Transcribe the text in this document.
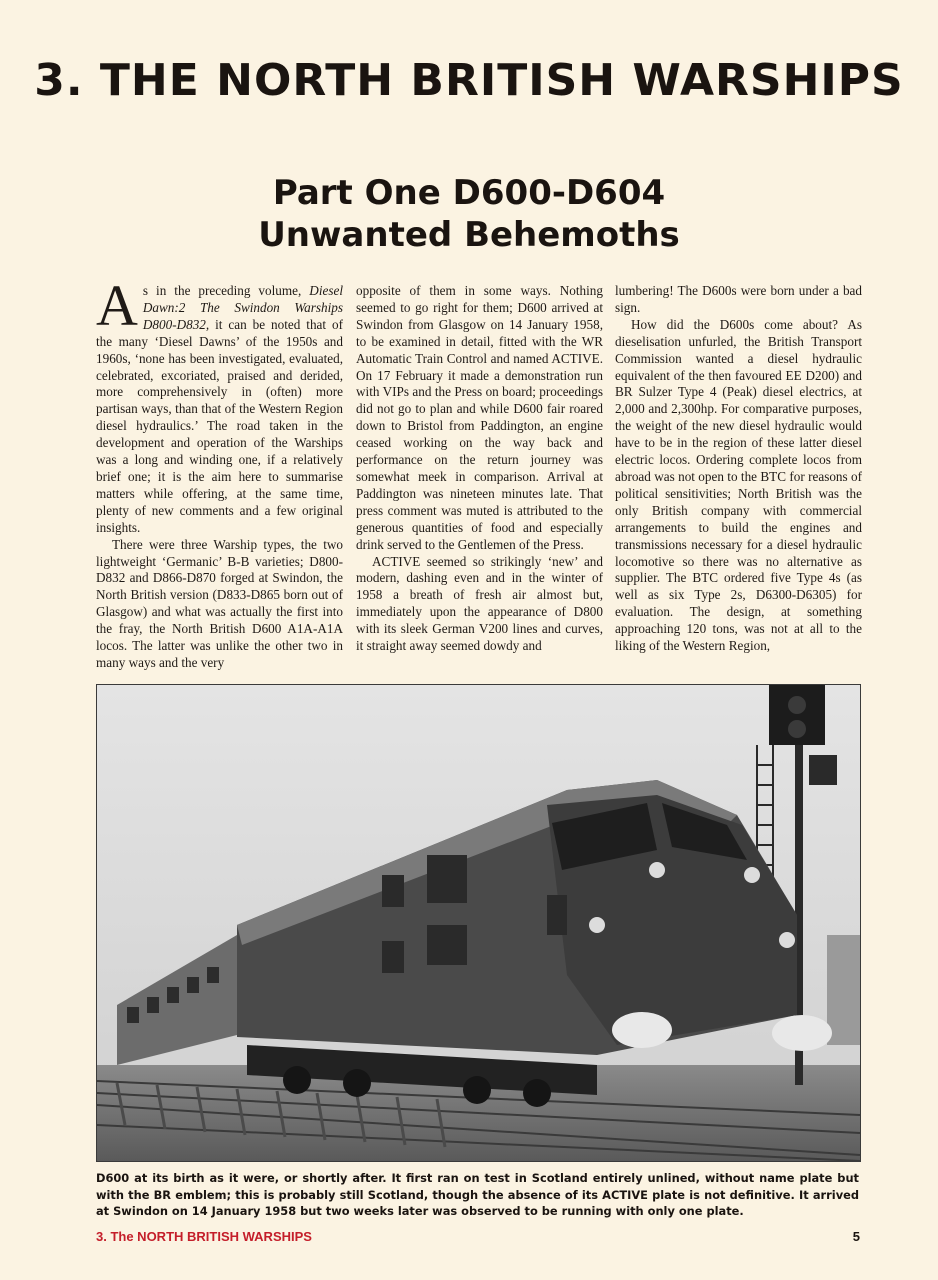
3. THE NORTH BRITISH WARSHIPS
Part One D600-D604
Unwanted Behemoths

As in the preceding volume, Diesel Dawn:2 The Swindon Warships D800-D832, it can be noted that of the many ‘Diesel Dawns’ of the 1950s and 1960s, ‘none has been investigated, evaluated, celebrated, excoriated, praised and derided, more comprehensively in (often) more partisan ways, than that of the Western Region diesel hydraulics.’ The road taken in the development and operation of the Warships was a long and winding one, if a relatively brief one; it is the aim here to summarise matters while offering, at the same time, plenty of new comments and a few original insights.

There were three Warship types, the two lightweight ‘Germanic’ B-B varieties; D800-D832 and D866-D870 forged at Swindon, the North British version (D833-D865 born out of Glasgow) and what was actually the first into the fray, the North British D600 A1A-A1A locos. The latter was unlike the other two in many ways and the very

opposite of them in some ways. Nothing seemed to go right for them; D600 arrived at Swindon from Glasgow on 14 January 1958, to be examined in detail, fitted with the WR Automatic Train Control and named ACTIVE. On 17 February it made a demonstration run with VIPs and the Press on board; proceedings did not go to plan and while D600 fair roared down to Bristol from Paddington, an engine ceased working on the way back and performance on the return journey was somewhat meek in comparison. Arrival at Paddington was nineteen minutes late. That press comment was muted is attributed to the generous quantities of food and especially drink served to the Gentlemen of the Press.

ACTIVE seemed so strikingly ‘new’ and modern, dashing even and in the winter of 1958 a breath of fresh air almost but, immediately upon the appearance of D800 with its sleek German V200 lines and curves, it straight away seemed dowdy and

lumbering! The D600s were born under a bad sign.

How did the D600s come about? As dieselisation unfurled, the British Transport Commission wanted a diesel hydraulic equivalent of the then favoured EE D200) and BR Sulzer Type 4 (Peak) diesel electrics, at 2,000 and 2,300hp. For comparative purposes, the weight of the new diesel hydraulic would have to be in the region of these latter diesel electric locos. Ordering complete locos from abroad was not open to the BTC for reasons of political sensitivities; North British was the only British company with commercial arrangements to build the engines and transmissions necessary for a diesel hydraulic locomotive so there was no alternative as supplier. The BTC ordered five Type 4s (as well as six Type 2s, D6300-D6305) for evaluation. The design, at something approaching 120 tons, was not at all to the liking of the Western Region,

D600 at its birth as it were, or shortly after. It first ran on test in Scotland entirely unlined, without name plate but with the BR emblem; this is probably still Scotland, though the absence of its ACTIVE plate is not definitive. It arrived at Swindon on 14 January 1958 but two weeks later was observed to be running with only one plate.
3. The NORTH BRITISH WARSHIPS	5
